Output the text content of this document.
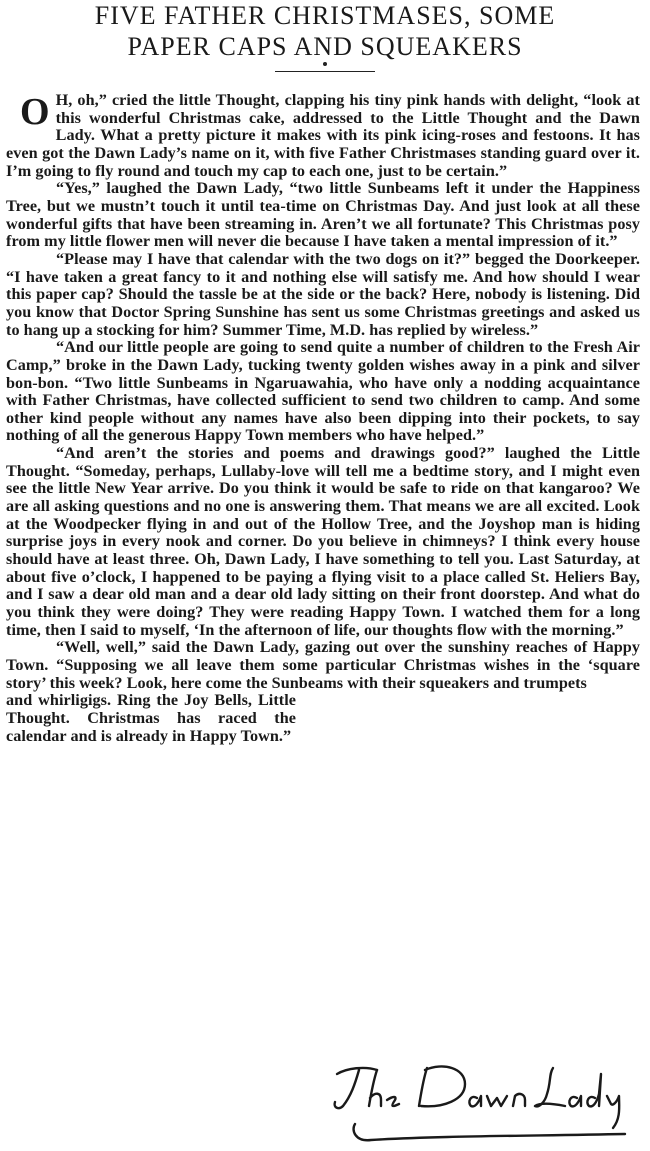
FIVE FATHER CHRISTMASES, SOME
PAPER CAPS AND SQUEAKERS

O H, oh,” cried the little Thought, clapping his tiny pink hands with delight, “look at this wonderful Christmas cake, addressed to the Little Thought and the Dawn Lady. What a pretty picture it makes with its pink icing-roses and festoons. It has even got the Dawn Lady’s name on it, with five Father Christmases standing guard over it. I’m going to fly round and touch my cap to each one, just to be certain.”

“Yes,” laughed the Dawn Lady, “two little Sunbeams left it under the Happiness Tree, but we mustn’t touch it until tea-time on Christmas Day. And just look at all these wonderful gifts that have been streaming in. Aren’t we all fortunate? This Christmas posy from my little flower men will never die because I have taken a mental impression of it.”

“Please may I have that calendar with the two dogs on it?” begged the Doorkeeper. “I have taken a great fancy to it and nothing else will satisfy me. And how should I wear this paper cap? Should the tassle be at the side or the back? Here, nobody is listening. Did you know that Doctor Spring Sunshine has sent us some Christmas greetings and asked us to hang up a stocking for him? Summer Time, M.D. has replied by wireless.”

“And our little people are going to send quite a number of children to the Fresh Air Camp,” broke in the Dawn Lady, tucking twenty golden wishes away in a pink and silver bon-bon. “Two little Sunbeams in Ngaruawahia, who have only a nodding acquaintance with Father Christmas, have collected sufficient to send two children to camp. And some other kind people without any names have also been dipping into their pockets, to say nothing of all the generous Happy Town members who have helped.”

“And aren’t the stories and poems and drawings good?” laughed the Little Thought. “Someday, perhaps, Lullaby-love will tell me a bedtime story, and I might even see the little New Year arrive. Do you think it would be safe to ride on that kangaroo? We are all asking questions and no one is answering them. That means we are all excited. Look at the Woodpecker flying in and out of the Hollow Tree, and the Joyshop man is hiding surprise joys in every nook and corner. Do you believe in chimneys? I think every house should have at least three. Oh, Dawn Lady, I have something to tell you. Last Saturday, at about five o’clock, I happened to be paying a flying visit to a place called St. Heliers Bay, and I saw a dear old man and a dear old lady sitting on their front doorstep. And what do you think they were doing? They were reading Happy Town. I watched them for a long time, then I said to myself, ‘In the afternoon of life, our thoughts flow with the morning.”

“Well, well,” said the Dawn Lady, gazing out over the sunshiny reaches of Happy Town. “Supposing we all leave them some particular Christmas wishes in the ‘square story’ this week? Look, here come the Sunbeams with their squeakers and trumpets

and whirligigs. Ring the Joy Bells, Little Thought. Christmas has raced the calendar and is already in Happy Town.”
